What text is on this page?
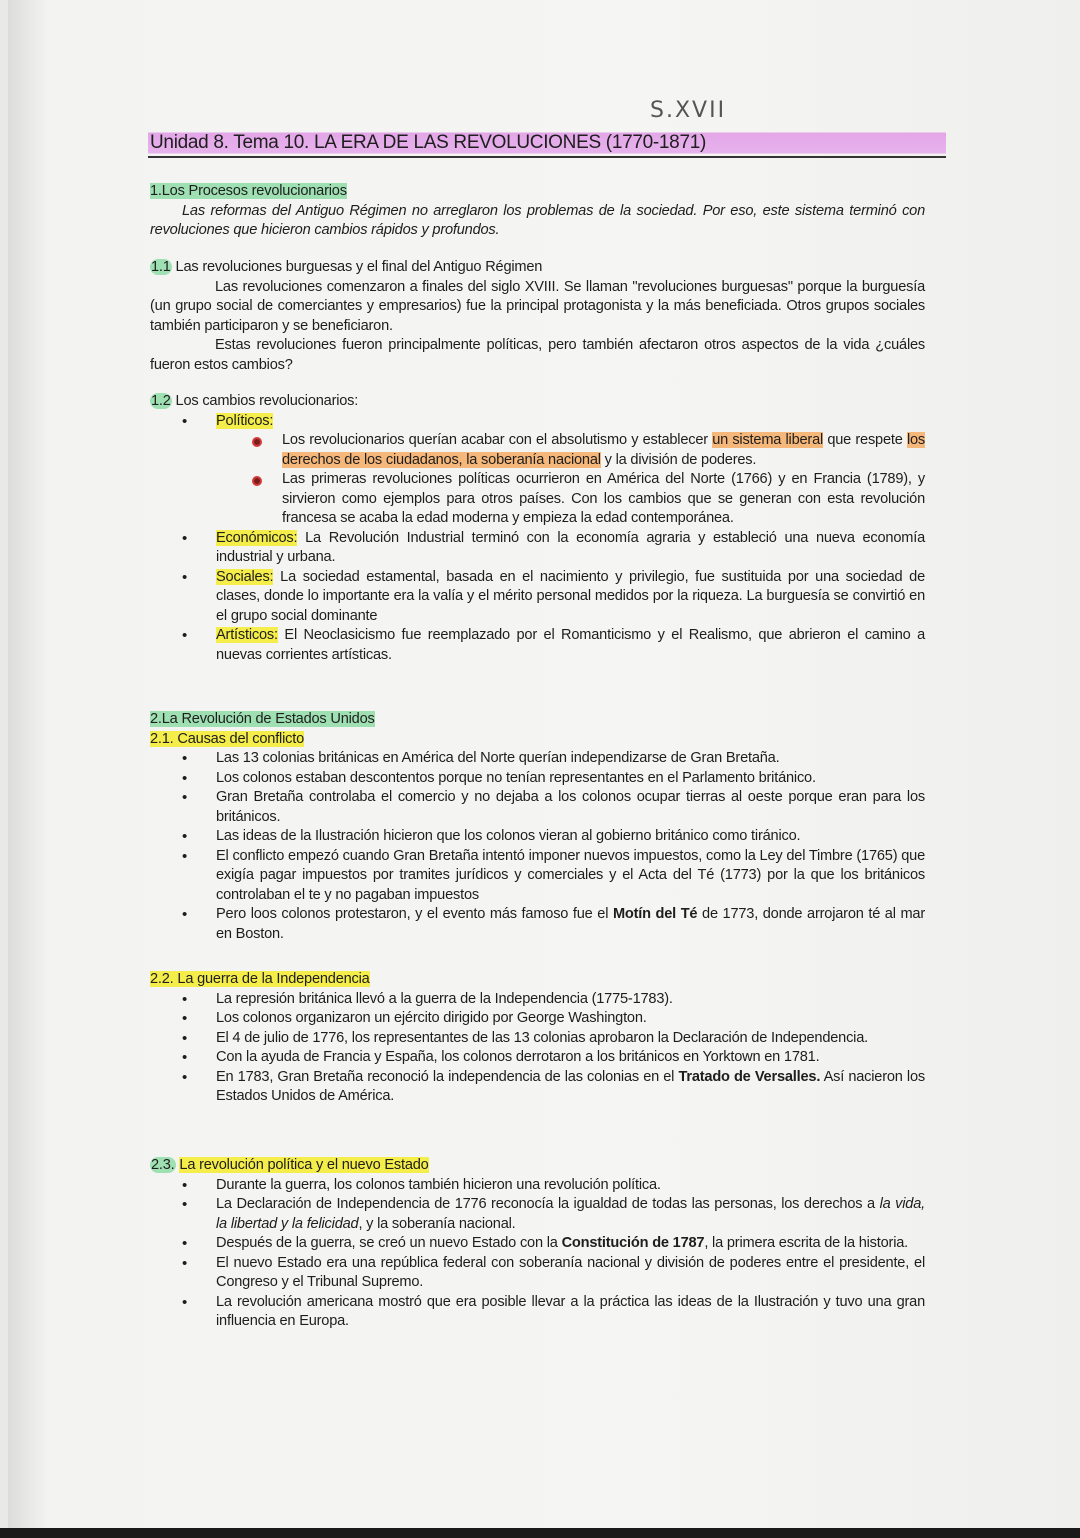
S.XVII
Unidad 8. Tema 10. LA ERA DE LAS REVOLUCIONES (1770-1871)
1.Los Procesos revolucionarios

Las reformas del Antiguo Régimen no arreglaron los problemas de la sociedad. Por eso, este sistema terminó con revoluciones que hicieron cambios rápidos y profundos.

1.1 Las revoluciones burguesas y el final del Antiguo Régimen

Las revoluciones comenzaron a finales del siglo XVIII. Se llaman "revoluciones burguesas" porque la burguesía (un grupo social de comerciantes y empresarios) fue la principal protagonista y la más beneficiada. Otros grupos sociales también participaron y se beneficiaron.

Estas revoluciones fueron principalmente políticas, pero también afectaron otros aspectos de la vida ¿cuáles fueron estos cambios?

1.2 Los cambios revolucionarios:
• Políticos:
Los revolucionarios querían acabar con el absolutismo y establecer un sistema liberal que respete los derechos de los ciudadanos, la soberanía nacional y la división de poderes.
Las primeras revoluciones políticas ocurrieron en América del Norte (1766) y en Francia (1789), y sirvieron como ejemplos para otros países. Con los cambios que se generan con esta revolución francesa se acaba la edad moderna y empieza la edad contemporánea.
• Económicos: La Revolución Industrial terminó con la economía agraria y estableció una nueva economía industrial y urbana.
• Sociales: La sociedad estamental, basada en el nacimiento y privilegio, fue sustituida por una sociedad de clases, donde lo importante era la valía y el mérito personal medidos por la riqueza. La burguesía se convirtió en el grupo social dominante
• Artísticos: El Neoclasicismo fue reemplazado por el Romanticismo y el Realismo, que abrieron el camino a nuevas corrientes artísticas.
2.La Revolución de Estados Unidos
2.1. Causas del conflicto
• Las 13 colonias británicas en América del Norte querían independizarse de Gran Bretaña.
• Los colonos estaban descontentos porque no tenían representantes en el Parlamento británico.
• Gran Bretaña controlaba el comercio y no dejaba a los colonos ocupar tierras al oeste porque eran para los británicos.
• Las ideas de la Ilustración hicieron que los colonos vieran al gobierno británico como tiránico.
• El conflicto empezó cuando Gran Bretaña intentó imponer nuevos impuestos, como la Ley del Timbre (1765) que exigía pagar impuestos por tramites jurídicos y comerciales y el Acta del Té (1773) por la que los británicos controlaban el te y no pagaban impuestos
• Pero loos colonos protestaron, y el evento más famoso fue el Motín del Té de 1773, donde arrojaron té al mar en Boston.
2.2. La guerra de la Independencia
• La represión británica llevó a la guerra de la Independencia (1775-1783).
• Los colonos organizaron un ejército dirigido por George Washington.
• El 4 de julio de 1776, los representantes de las 13 colonias aprobaron la Declaración de Independencia.
• Con la ayuda de Francia y España, los colonos derrotaron a los británicos en Yorktown en 1781.
• En 1783, Gran Bretaña reconoció la independencia de las colonias en el Tratado de Versalles. Así nacieron los Estados Unidos de América.
2.3. La revolución política y el nuevo Estado
• Durante la guerra, los colonos también hicieron una revolución política.
• La Declaración de Independencia de 1776 reconocía la igualdad de todas las personas, los derechos a la vida, la libertad y la felicidad, y la soberanía nacional.
• Después de la guerra, se creó un nuevo Estado con la Constitución de 1787, la primera escrita de la historia.
• El nuevo Estado era una república federal con soberanía nacional y división de poderes entre el presidente, el Congreso y el Tribunal Supremo.
• La revolución americana mostró que era posible llevar a la práctica las ideas de la Ilustración y tuvo una gran influencia en Europa.
